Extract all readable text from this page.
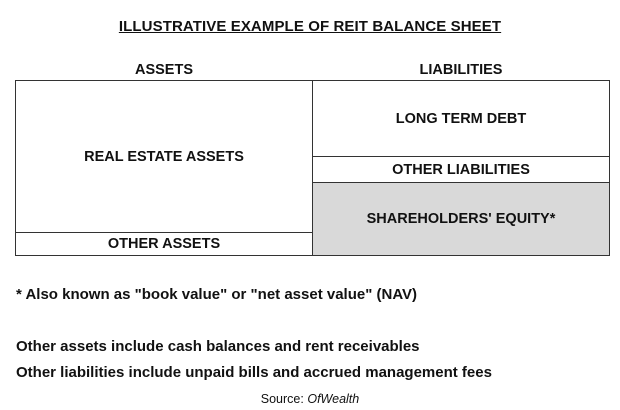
ILLUSTRATIVE EXAMPLE OF REIT BALANCE SHEET
ASSETS	LIABILITIES
REAL ESTATE ASSETS
OTHER ASSETS
LONG TERM DEBT
OTHER LIABILITIES
SHAREHOLDERS' EQUITY*
* Also known as "book value" or "net asset value" (NAV)
Other assets include cash balances and rent receivables
Other liabilities include unpaid bills and accrued management fees
Source: OfWealth
